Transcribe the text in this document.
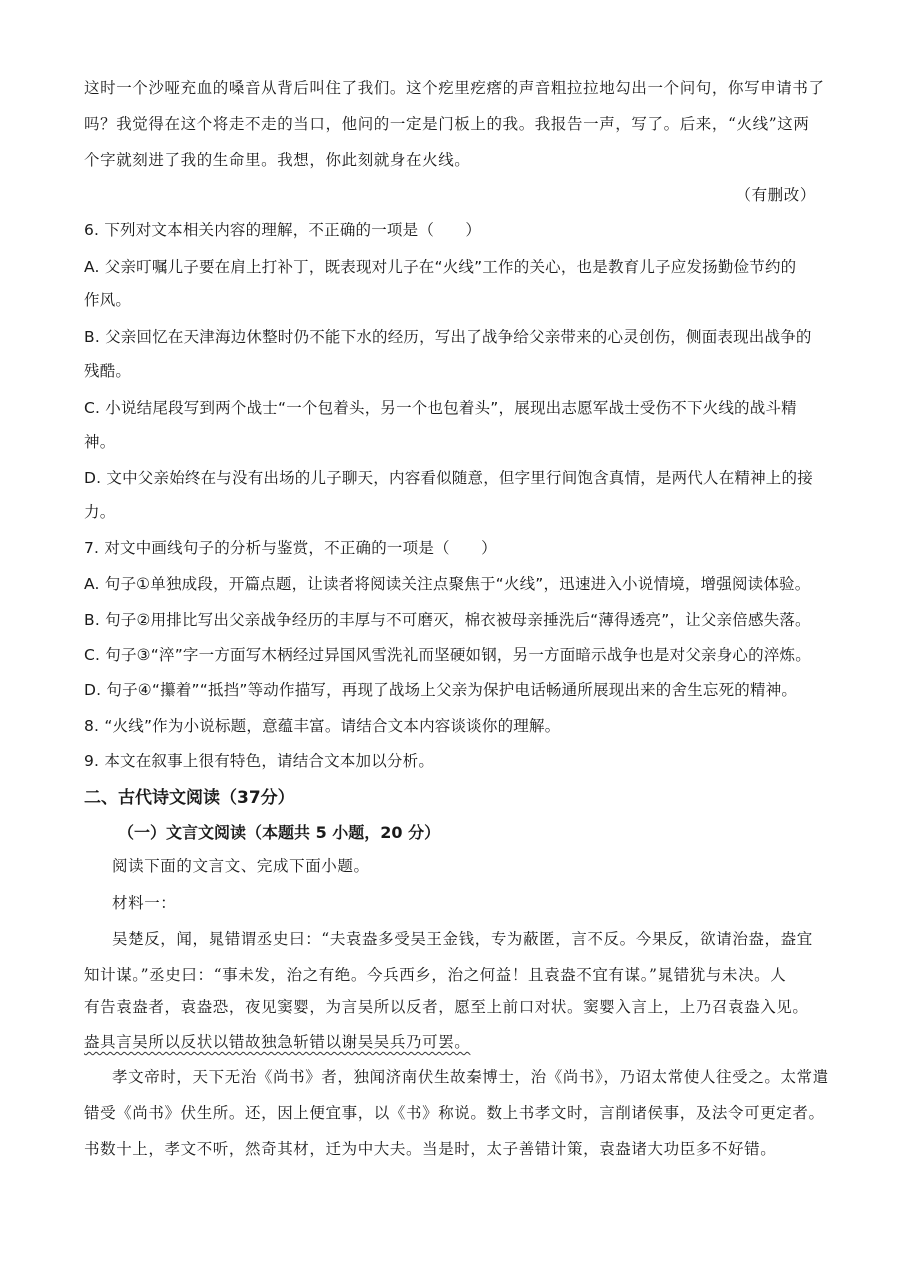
这时一个沙哑充血的嗓音从背后叫住了我们。这个疙里疙瘩的声音粗拉拉地勾出一个问句，你写申请书了
吗？我觉得在这个将走不走的当口，他问的一定是门板上的我。我报告一声，写了。后来，“火线”这两
个字就刻进了我的生命里。我想，你此刻就身在火线。
（有删改）
6. 下列对文本相关内容的理解，不正确的一项是（　　）
A. 父亲叮嘱儿子要在肩上打补丁，既表现对儿子在“火线”工作的关心，也是教育儿子应发扬勤俭节约的
作风。
B. 父亲回忆在天津海边休整时仍不能下水的经历，写出了战争给父亲带来的心灵创伤，侧面表现出战争的
残酷。
C. 小说结尾段写到两个战士“一个包着头，另一个也包着头”，展现出志愿军战士受伤不下火线的战斗精
神。
D. 文中父亲始终在与没有出场的儿子聊天，内容看似随意，但字里行间饱含真情，是两代人在精神上的接
力。
7. 对文中画线句子的分析与鉴赏，不正确的一项是（　　）
A. 句子①单独成段，开篇点题，让读者将阅读关注点聚焦于“火线”，迅速进入小说情境，增强阅读体验。
B. 句子②用排比写出父亲战争经历的丰厚与不可磨灭，棉衣被母亲捶洗后“薄得透亮”，让父亲倍感失落。
C. 句子③“淬”字一方面写木柄经过异国风雪洗礼而坚硬如钢，另一方面暗示战争也是对父亲身心的淬炼。
D. 句子④“攥着”“抵挡”等动作描写，再现了战场上父亲为保护电话畅通所展现出来的舍生忘死的精神。
8. “火线”作为小说标题，意蕴丰富。请结合文本内容谈谈你的理解。
9. 本文在叙事上很有特色，请结合文本加以分析。
二、古代诗文阅读（37分）
（一）文言文阅读（本题共 5 小题，20 分）
阅读下面的文言文、完成下面小题。
材料一：
吴楚反，闻，晁错谓丞史曰：“夫袁盎多受吴王金钱，专为蔽匿，言不反。今果反，欲请治盎，盎宜
知计谋。”丞史曰：“事未发，治之有绝。今兵西乡，治之何益！且袁盎不宜有谋。”晁错犹与未决。人
有告袁盎者，袁盎恐，夜见窦婴，为言吴所以反者，愿至上前口对状。窦婴入言上，上乃召袁盎入见。
盎具言吴所以反状以错故独急斩错以谢吴吴兵乃可罢。
孝文帝时，天下无治《尚书》者，独闻济南伏生故秦博士，治《尚书》，乃诏太常使人往受之。太常遣
错受《尚书》伏生所。还，因上便宜事，以《书》称说。数上书孝文时，言削诸侯事，及法令可更定者。
书数十上，孝文不听，然奇其材，迁为中大夫。当是时，太子善错计策，袁盎诸大功臣多不好错。
